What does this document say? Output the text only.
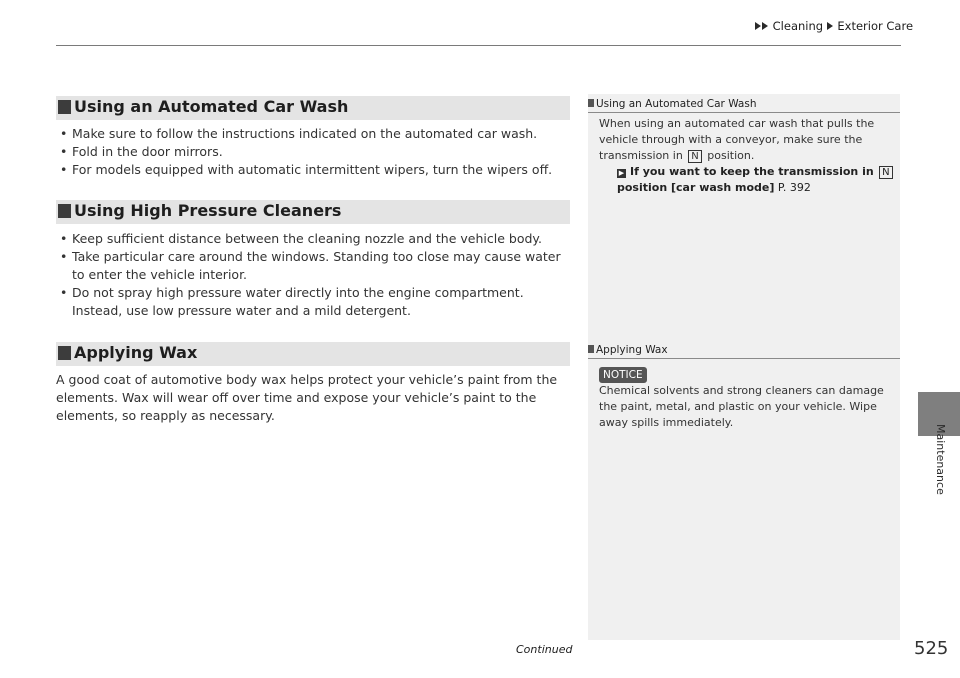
Cleaning Exterior Care
Maintenance
Using an Automated Car Wash
• Make sure to follow the instructions indicated on the automated car wash.
• Fold in the door mirrors.
• For models equipped with automatic intermittent wipers, turn the wipers off.
Using High Pressure Cleaners
• Keep sufficient distance between the cleaning nozzle and the vehicle body.
• Take particular care around the windows. Standing too close may cause water to enter the vehicle interior.
• Do not spray high pressure water directly into the engine compartment. Instead, use low pressure water and a mild detergent.
Applying Wax

A good coat of automotive body wax helps protect your vehicle’s paint from the elements. Wax will wear off over time and expose your vehicle’s paint to the elements, so reapply as necessary.

Using an Automated Car Wash
When using an automated car wash that pulls the vehicle through with a conveyor, make sure the transmission in N position.
▶ If you want to keep the transmission in N
position [car wash mode] P. 392
Applying Wax
NOTICE
Chemical solvents and strong cleaners can damage the paint, metal, and plastic on your vehicle. Wipe away spills immediately.
Continued	525
